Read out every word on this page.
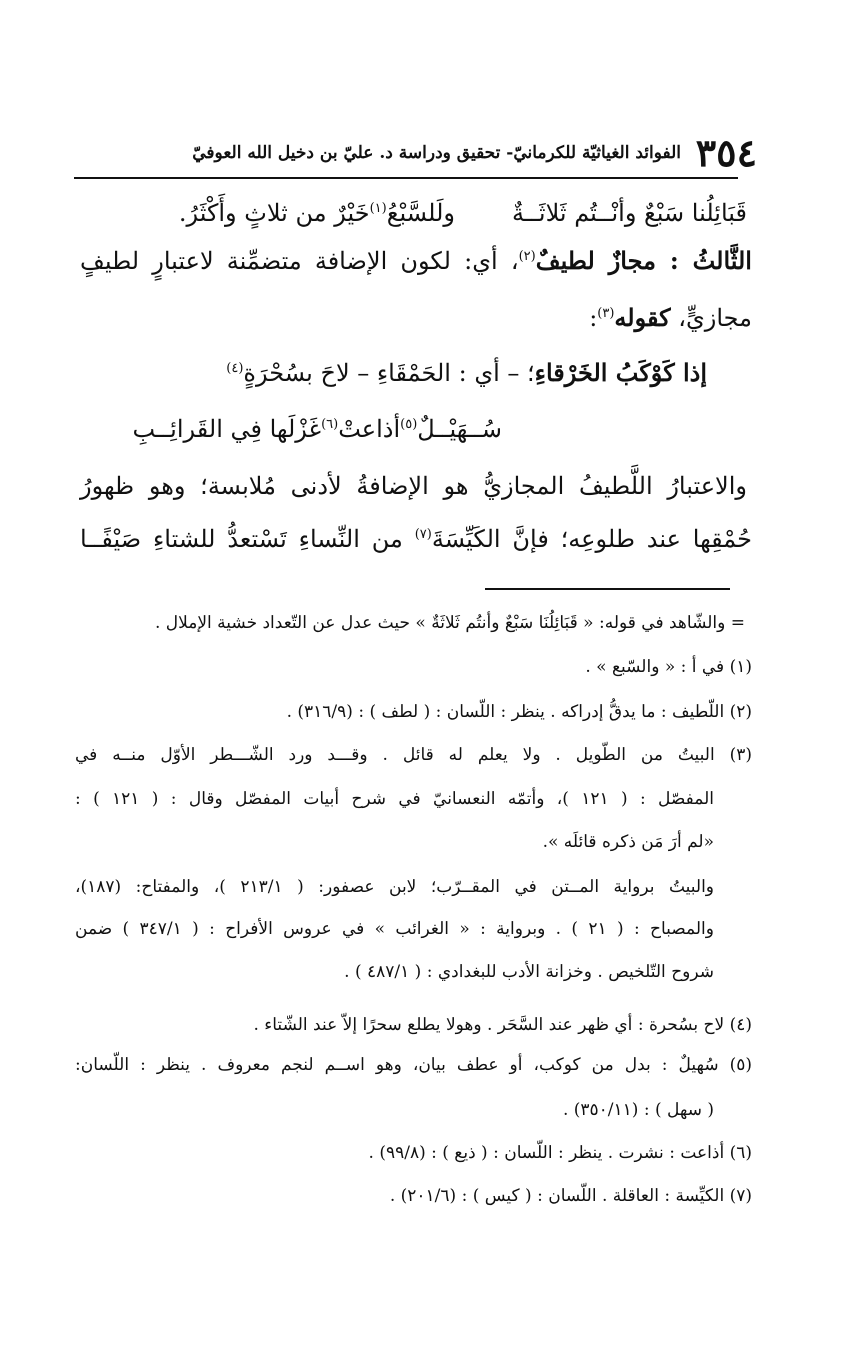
٣٥٤
الفوائد الغياثيّة للكرمانيّ- تحقيق ودراسة د. عليّ بن دخيل الله العوفيّ
قَبَائِلُنا سَبْعٌ وأنْــتُم ثَلاثَــةٌ
ولَلسَّبْعُ$^{(١)}$خَيْرٌ من ثلاثٍ وأَكْثَرُ.
الثَّالثُ : مجازٌ لطيفٌ$^{(٢)}$، أي: لكون الإضافة متضمِّنة لاعتبارٍ لطيفٍ
مجازيٍّ، كقوله$^{(٣)}$:
إذا كَوْكَبُ الخَرْقاءِ؛ – أي : الحَمْقَاءِ – لاحَ بسُحْرَةٍ$^{(٤)}$
سُــهَيْــلٌ$^{(٥)}$أذاعتْ$^{(٦)}$غَزْلَها فِي القَرائِــبِ
والاعتبارُ اللَّطيفُ المجازيُّ هو الإضافةُ لأدنى مُلابسة؛ وهو ظهورُ
حُمْقِها عند طلوعِه؛ فإنَّ الكَيِّسَةَ$^{(٧)}$ من النِّساءِ تَسْتعدُّ للشتاءِ صَيْفًــا
= والشّاهد في قوله: « قَبَائِلُنَا سَبْعٌ وأنتُم ثَلاثَةٌ » حيث عدل عن التّعداد خشية الإملال .
(١) في أ : « والسّبع » .
(٢) اللّطيف : ما يدقُّ إدراكه . ينظر : اللّسان : ( لطف ) : (٣١٦/٩) .
(٣) البيتُ من الطّويل . ولا يعلم له قائل . وقـــد ورد الشّـــطر الأوّل منــه في
المفصّل : ( ١٢١ )، وأتمّه النعسانيّ في شرح أبيات المفصّل وقال : ( ١٢١ ) :
«لم أرَ مَن ذكره قائلَه ».
والبيتُ برواية المــتن في المقــرّب؛ لابن عصفور: ( ٢١٣/١ )، والمفتاح: (١٨٧)،
والمصباح : ( ٢١ ) . وبرواية : « الغرائب » في عروس الأفراح : ( ٣٤٧/١ ) ضمن
شروح التّلخيص . وخزانة الأدب للبغدادي : ( ٤٨٧/١ ) .
(٤) لاح بسُحرة : أي ظهر عند السَّحَر . وهولا يطلع سحرًا إلاّ عند الشّتاء .
(٥) سُهيلٌ : بدل من كوكب، أو عطف بيان، وهو اســم لنجم معروف . ينظر : اللّسان:
( سهل ) : (٣٥٠/١١) .
(٦) أذاعت : نشرت . ينظر : اللّسان : ( ذيع ) : (٩٩/٨) .
(٧) الكيِّسة : العاقلة . اللّسان : ( كيس ) : (٢٠١/٦) .
